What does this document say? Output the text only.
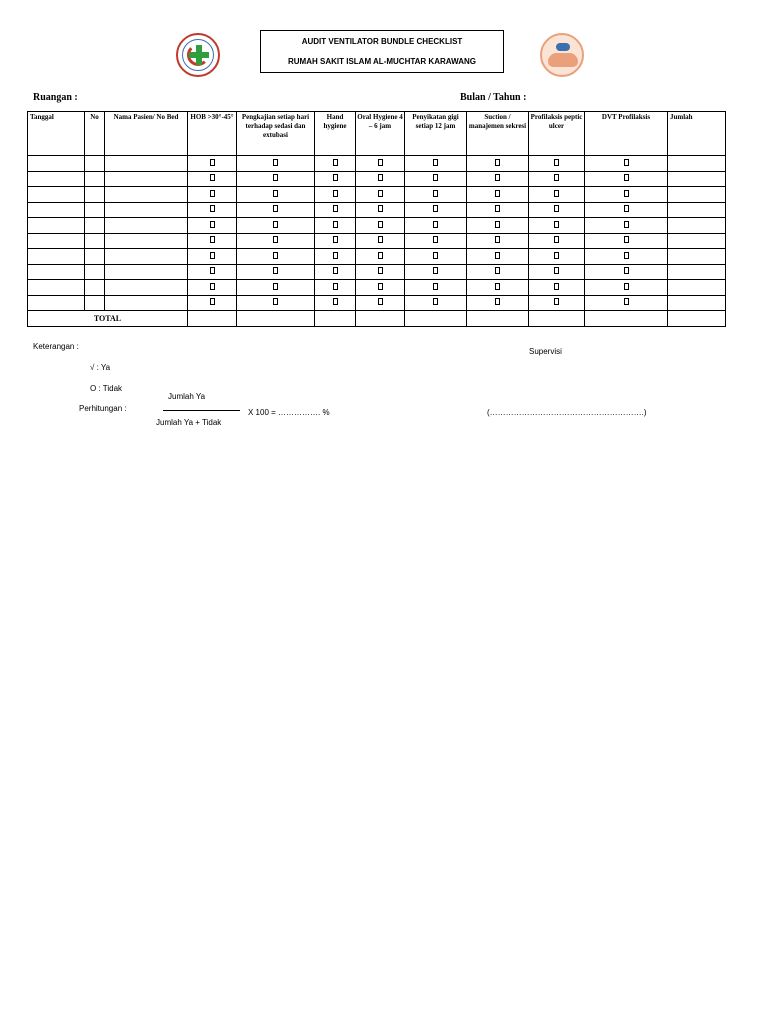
AUDIT VENTILATOR BUNDLE CHECKLIST
RUMAH SAKIT ISLAM AL-MUCHTAR KARAWANG
Ruangan :	Bulan / Tahun :
Tanggal	No	Nama Pasien/ No Bed	HOB >30°-45°	Pengkajian setiap hari terhadap sedasi dan extubasi	Hand hygiene	Oral Hygiene 4 – 6 jam	Penyikatan gigi setiap 12 jam	Suction / manajemen sekresi	Profilaksis peptic ulcer	DVT Profilaksis	Jumlah

TOTAL											
Keterangan :
Supervisi
√ : Ya
O : Tidak
Perhitungan :
Jumlah Ya
Jumlah Ya + Tidak
X 100 = ……………. %	(………………………………………………….)
